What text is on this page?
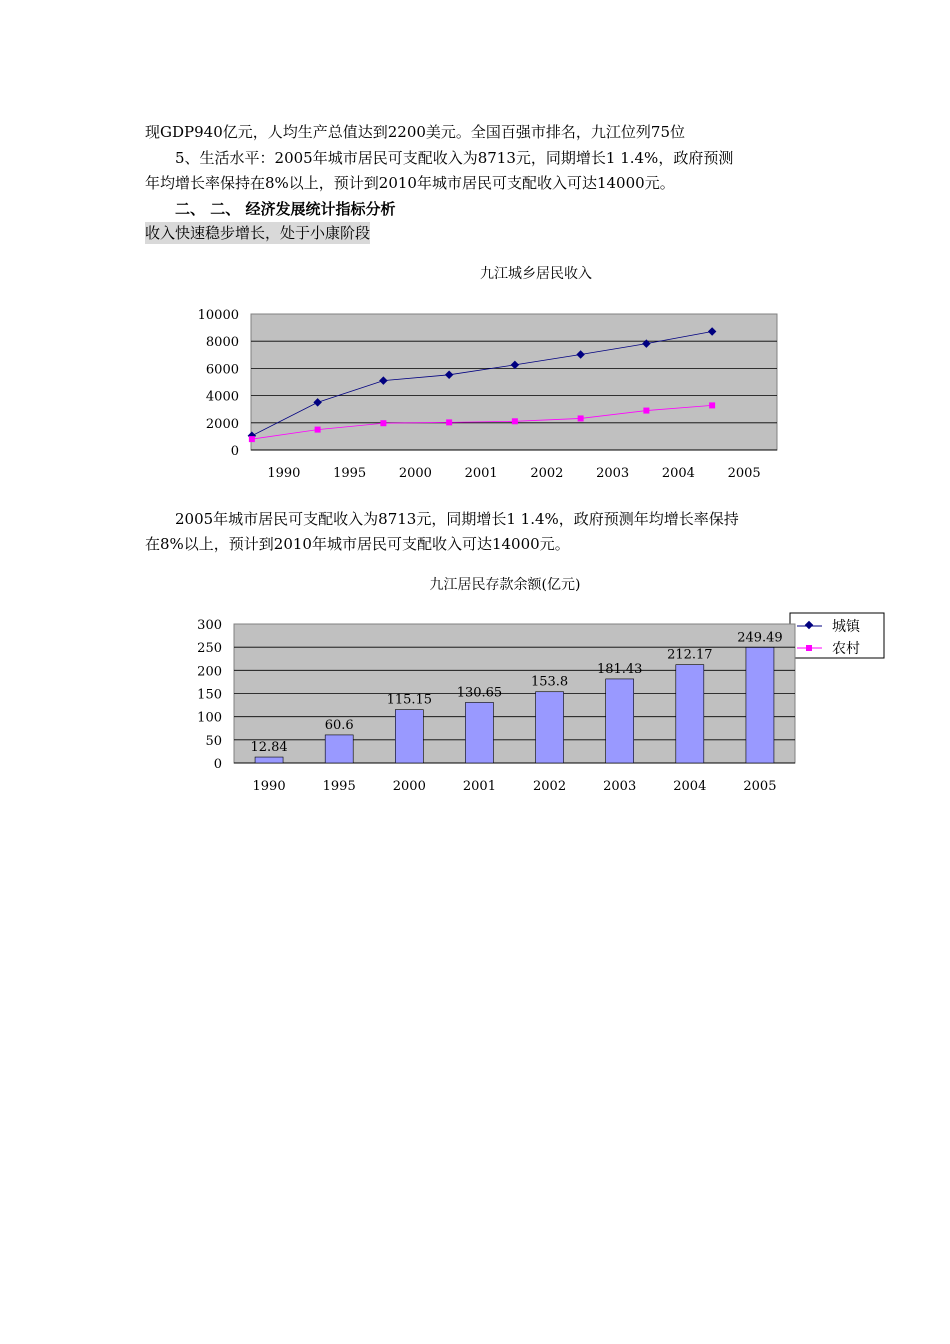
现GDP940亿元，人均生产总值达到2200美元。全国百强市排名，九江位列75位
5、生活水平：2005年城市居民可支配收入为8713元，同期增长1 1.4%，政府预测
年均增长率保持在8%以上，预计到2010年城市居民可支配收入可达14000元。
二、 二、 经济发展统计指标分析
收入快速稳步增长，处于小康阶段
九江城乡居民收入
0
2000
4000
6000
8000
10000
1990	1995	2000	2001	2002	2003	2004	2005
城镇
农村
2005年城市居民可支配收入为8713元，同期增长1 1.4%，政府预测年均增长率保持
在8%以上，预计到2010年城市居民可支配收入可达14000元。
九江居民存款余额(亿元)
0
50
100
150
200
250
300
1990	1995	2000	2001	2002	2003	2004	2005
12.84
60.6
115.15 130.65
153.8
181.43
212.17
249.49
